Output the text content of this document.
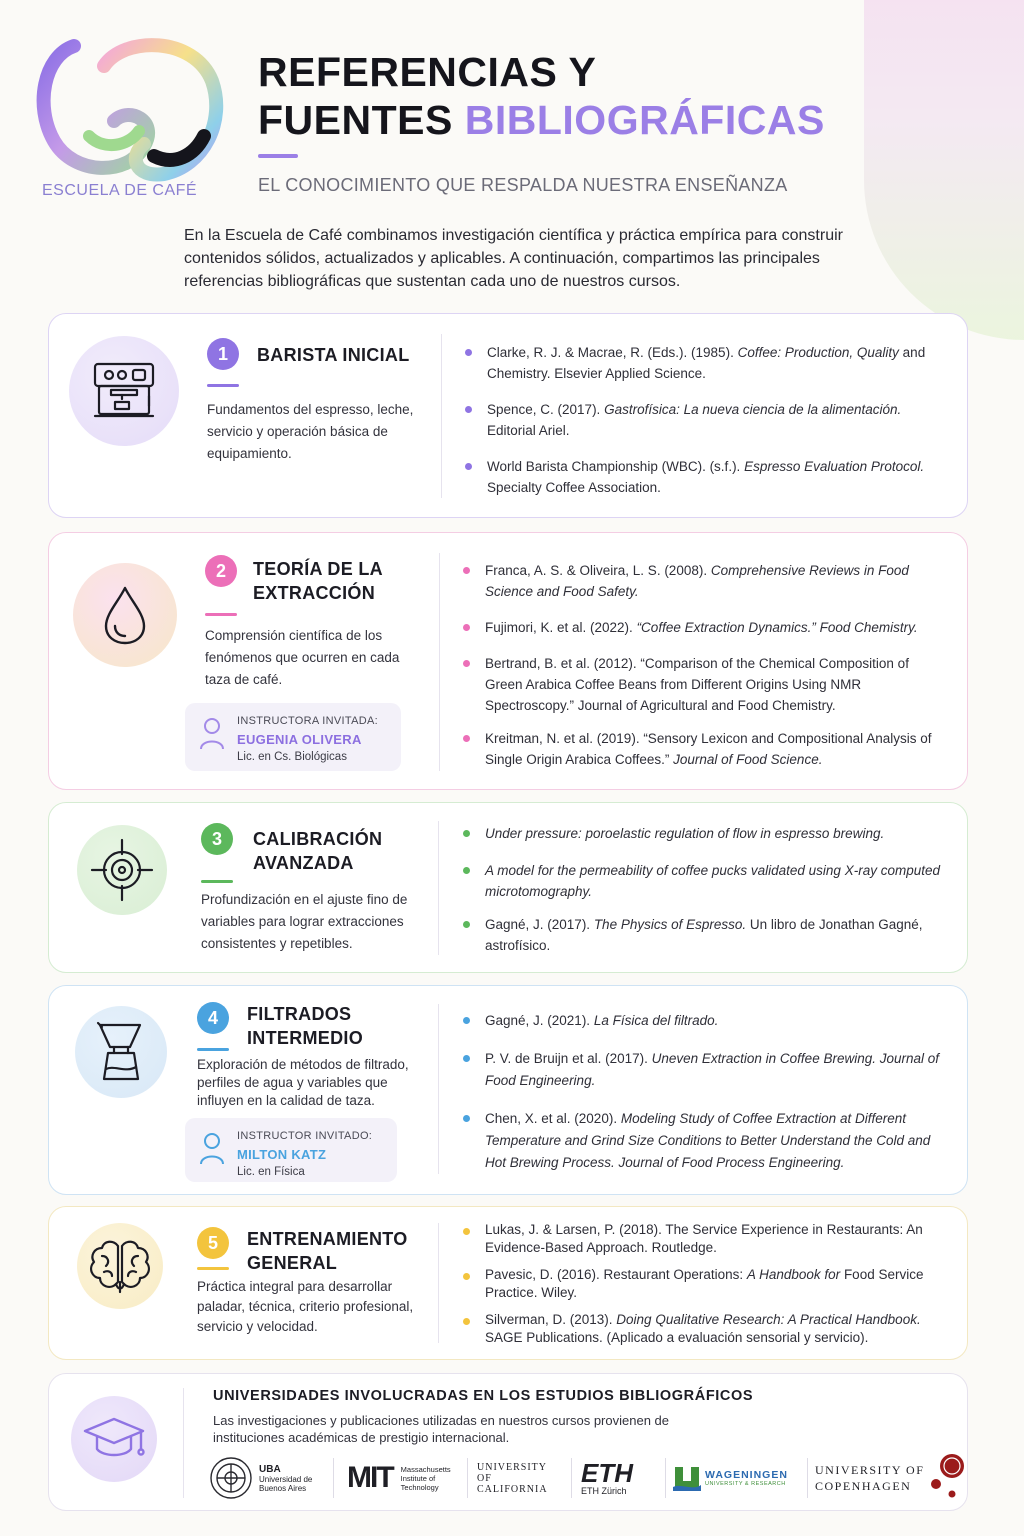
ESCUELA DE CAFÉ
REFERENCIAS Y
FUENTES BIBLIOGRÁFICAS
EL CONOCIMIENTO QUE RESPALDA NUESTRA ENSEÑANZA
En la Escuela de Café combinamos investigación científica y práctica empírica para construir contenidos sólidos, actualizados y aplicables. A continuación, compartimos las principales referencias bibliográficas que sustentan cada uno de nuestros cursos.
1	BARISTA INICIAL
Fundamentos del espresso, leche, servicio y operación básica de equipamiento.
Clarke, R. J. & Macrae, R. (Eds.). (1985). Coffee: Production, Quality and Chemistry. Elsevier Applied Science.
Spence, C. (2017). Gastrofísica: La nueva ciencia de la alimentación. Editorial Ariel.
World Barista Championship (WBC). (s.f.). Espresso Evaluation Protocol. Specialty Coffee Association.
2	TEORÍA DE LA
EXTRACCIÓN
Comprensión científica de los fenómenos que ocurren en cada taza de café.
INSTRUCTORA INVITADA:
EUGENIA OLIVERA
Lic. en Cs. Biológicas
Franca, A. S. & Oliveira, L. S. (2008). Comprehensive Reviews in Food Science and Food Safety.
Fujimori, K. et al. (2022). “Coffee Extraction Dynamics.” Food Chemistry.
Bertrand, B. et al. (2012). “Comparison of the Chemical Composition of Green Arabica Coffee Beans from Different Origins Using NMR Spectroscopy.” Journal of Agricultural and Food Chemistry.
Kreitman, N. et al. (2019). “Sensory Lexicon and Compositional Analysis of Single Origin Arabica Coffees.” Journal of Food Science.
3	CALIBRACIÓN
AVANZADA
Profundización en el ajuste fino de variables para lograr extracciones consistentes y repetibles.
Under pressure: poroelastic regulation of flow in espresso brewing.
A model for the permeability of coffee pucks validated using X-ray computed microtomography.
Gagné, J. (2017). The Physics of Espresso. Un libro de Jonathan Gagné, astrofísico.
4	FILTRADOS
INTERMEDIO
Exploración de métodos de filtrado, perfiles de agua y variables que influyen en la calidad de taza.
INSTRUCTOR INVITADO:
MILTON KATZ
Lic. en Física
Gagné, J. (2021). La Física del filtrado.
P. V. de Bruijn et al. (2017). Uneven Extraction in Coffee Brewing. Journal of Food Engineering.
Chen, X. et al. (2020). Modeling Study of Coffee Extraction at Different Temperature and Grind Size Conditions to Better Understand the Cold and Hot Brewing Process. Journal of Food Process Engineering.
5	ENTRENAMIENTO
GENERAL
Práctica integral para desarrollar paladar, técnica, criterio profesional, servicio y velocidad.
Lukas, J. & Larsen, P. (2018). The Service Experience in Restaurants: An Evidence-Based Approach. Routledge.
Pavesic, D. (2016). Restaurant Operations: A Handbook for Food Service Practice. Wiley.
Silverman, D. (2013). Doing Qualitative Research: A Practical Handbook. SAGE Publications. (Aplicado a evaluación sensorial y servicio).
UNIVERSIDADES INVOLUCRADAS EN LOS ESTUDIOS BIBLIOGRÁFICOS
Las investigaciones y publicaciones utilizadas en nuestros cursos provienen de instituciones académicas de prestigio internacional.
UBA
Universidad de
Buenos Aires MIT Massachusetts
Institute of
Technology
UNIVERSITY
OF
CALIFORNIA
ETH
ETH Zürich
WAGENINGEN
UNIVERSITY & RESEARCH
UNIVERSITY OF
COPENHAGEN
